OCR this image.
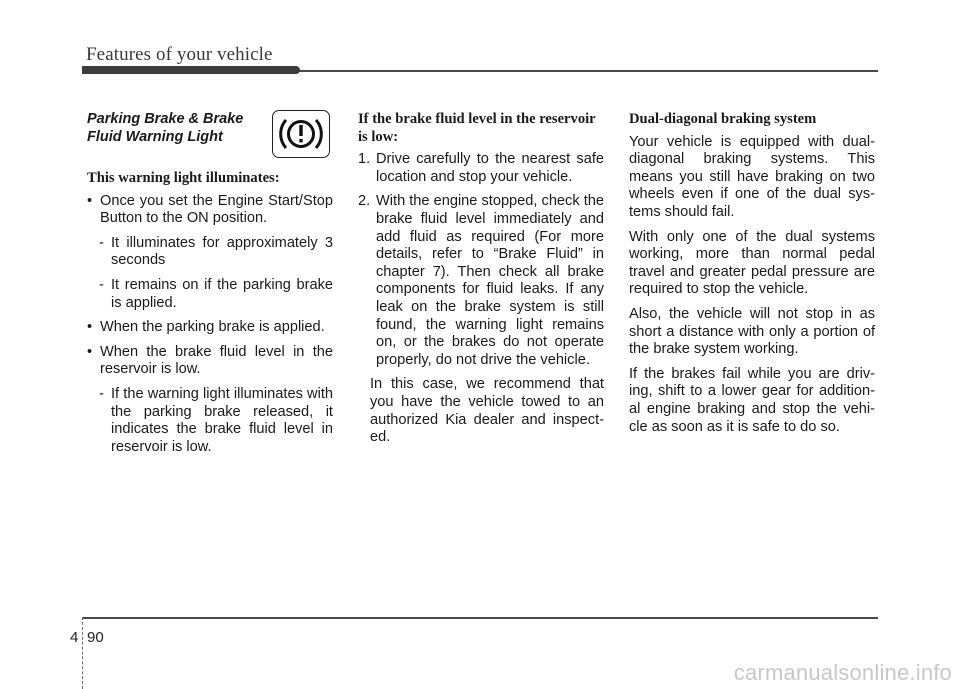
Features of your vehicle
Parking Brake & Brake Fluid Warning Light
This warning light illuminates:
• Once you set the Engine Start/Stop Button to the ON position.
- It illuminates for approximately 3 seconds
- It remains on if the parking brake is applied.
• When the parking brake is applied.
• When the brake fluid level in the reservoir is low.
- If the warning light illuminates with the parking brake released, it indicates the brake fluid level in reservoir is low.
If the brake fluid level in the reservoir is low:
1. Drive carefully to the nearest safe location and stop your vehicle.
2. With the engine stopped, check the brake fluid level immediately and add fluid as required (For more details, refer to “Brake Fluid” in chapter 7). Then check all brake components for fluid leaks. If any leak on the brake system is still found, the warning light remains on, or the brakes do not operate properly, do not drive the vehicle.

In this case, we recommend that you have the vehicle towed to an authorized Kia dealer and inspect-ed.

Dual-diagonal braking system

Your vehicle is equipped with dual-diagonal braking systems. This means you still have braking on two wheels even if one of the dual sys-tems should fail.

With only one of the dual systems working, more than normal pedal travel and greater pedal pressure are required to stop the vehicle.

Also, the vehicle will not stop in as short a distance with only a portion of the brake system working.

If the brakes fail while you are driv-ing, shift to a lower gear for addition-al engine braking and stop the vehi-cle as soon as it is safe to do so.

4 90
carmanualsonline.info
